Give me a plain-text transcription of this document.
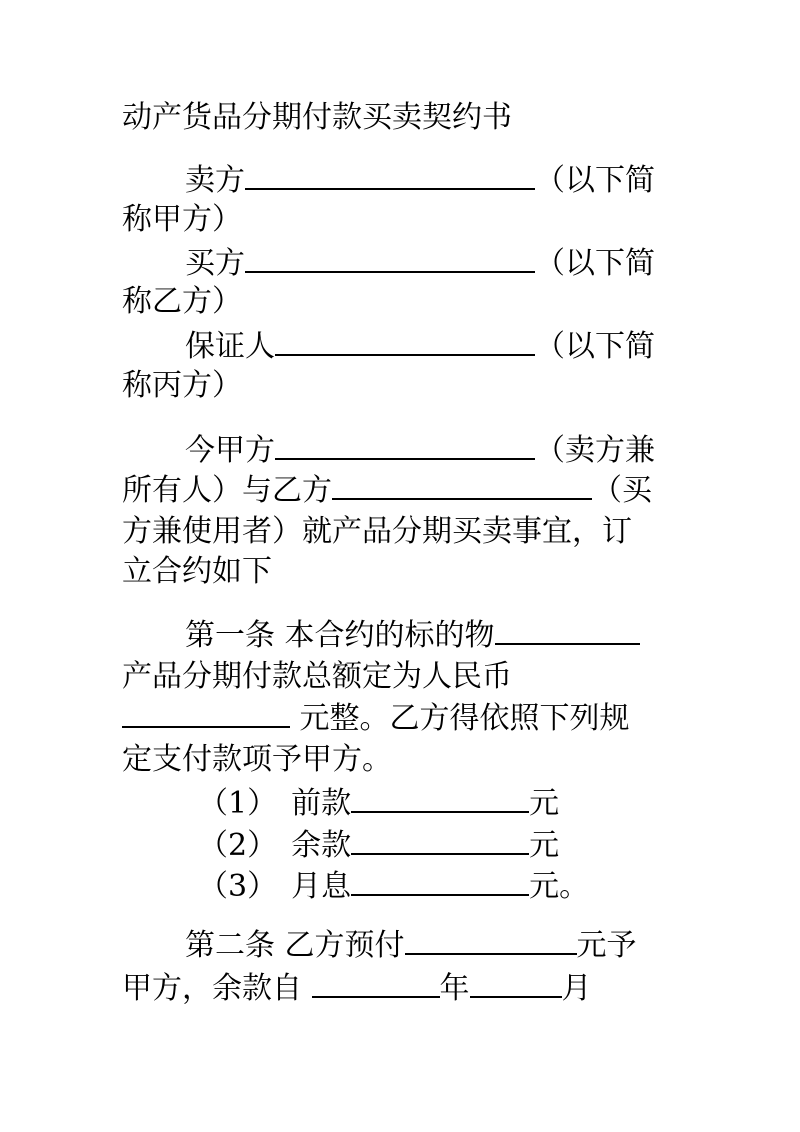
动产货品分期付款买卖契约书
卖方	（以下简
称甲方）
买方	（以下简
称乙方）
保证人	（以下简
称丙方）
今甲方	（卖方兼
所有人）与乙方	（买
方兼使用者）就产品分期买卖事宜，订
立合约如下
第一条 本合约的标的物
产品分期付款总额定为人民币
元整。乙方得依照下列规
定支付款项予甲方。
（1） 前款	元
（2） 余款	元
（3） 月息	元。
第二条 乙方预付	元予
甲方，余款自	年	月
